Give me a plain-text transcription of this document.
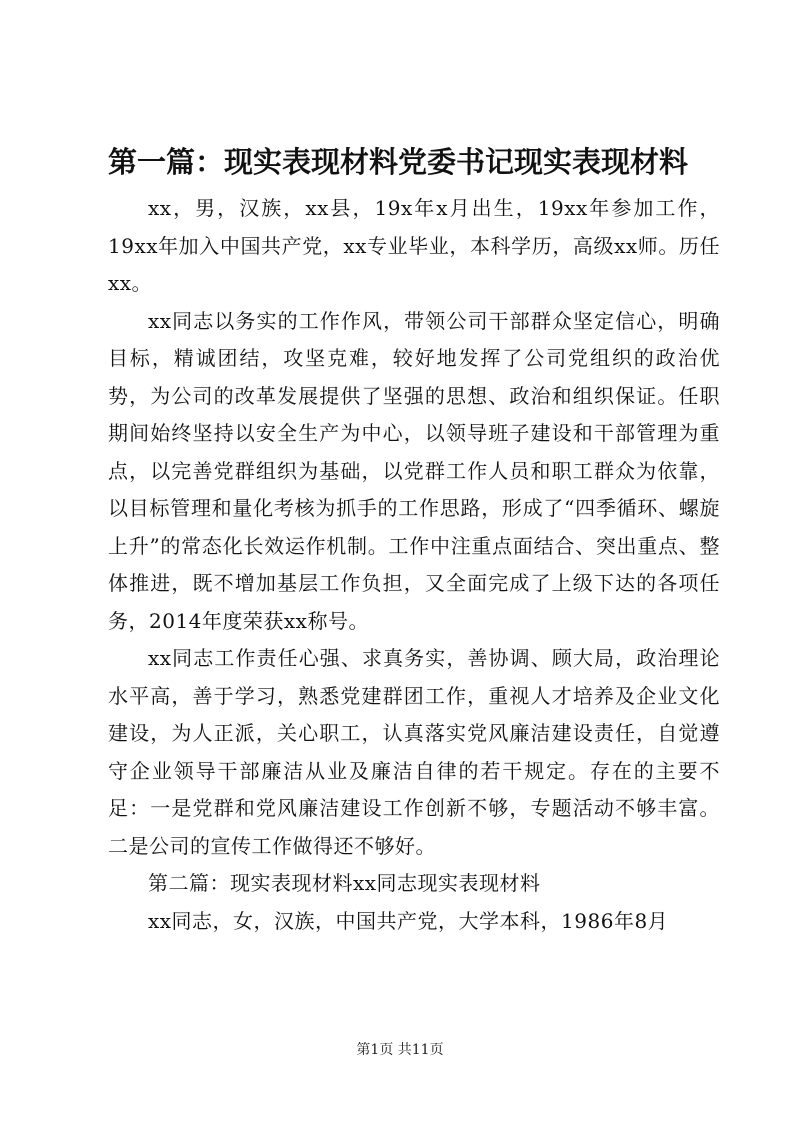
第一篇：现实表现材料党委书记现实表现材料

xx，男，汉族，xx县，19x年x月出生，19xx年参加工作，19xx年加入中国共产党，xx专业毕业，本科学历，高级xx师。历任xx。

xx同志以务实的工作作风，带领公司干部群众坚定信心，明确目标，精诚团结，攻坚克难，较好地发挥了公司党组织的政治优势，为公司的改革发展提供了坚强的思想、政治和组织保证。任职期间始终坚持以安全生产为中心，以领导班子建设和干部管理为重点，以完善党群组织为基础，以党群工作人员和职工群众为依靠，以目标管理和量化考核为抓手的工作思路，形成了“四季循环、螺旋上升”的常态化长效运作机制。工作中注重点面结合、突出重点、整体推进，既不增加基层工作负担，又全面完成了上级下达的各项任务，2014年度荣获xx称号。

xx同志工作责任心强、求真务实，善协调、顾大局，政治理论水平高，善于学习，熟悉党建群团工作，重视人才培养及企业文化建设，为人正派，关心职工，认真落实党风廉洁建设责任，自觉遵守企业领导干部廉洁从业及廉洁自律的若干规定。存在的主要不足：一是党群和党风廉洁建设工作创新不够，专题活动不够丰富。二是公司的宣传工作做得还不够好。

第二篇：现实表现材料xx同志现实表现材料

xx同志，女，汉族，中国共产党，大学本科，1986年8月

第1页 共11页
